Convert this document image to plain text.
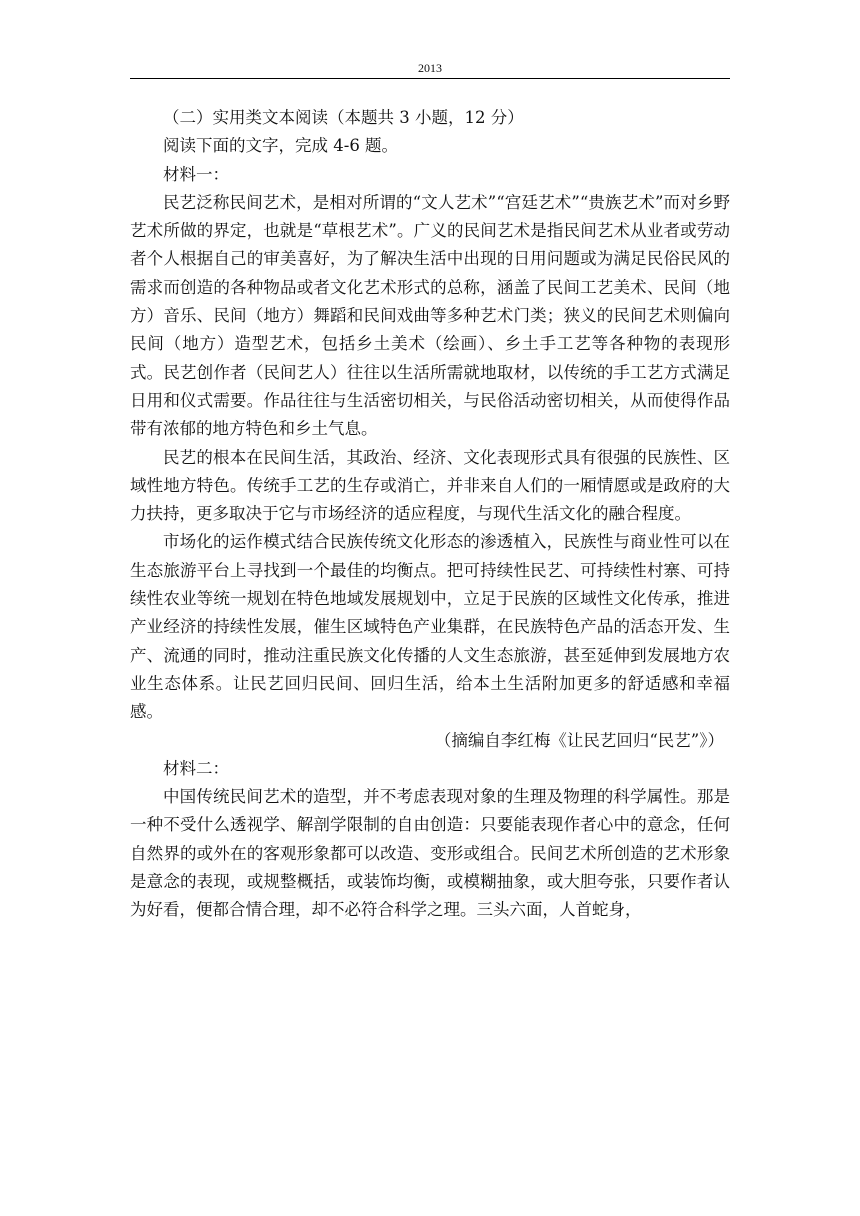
2013

（二）实用类文本阅读（本题共 3 小题，12 分）

阅读下面的文字，完成 4-6 题。

材料一：

民艺泛称民间艺术，是相对所谓的“文人艺术”“宫廷艺术”“贵族艺术”而对乡野艺术所做的界定，也就是“草根艺术”。广义的民间艺术是指民间艺术从业者或劳动者个人根据自己的审美喜好，为了解决生活中出现的日用问题或为满足民俗民风的需求而创造的各种物品或者文化艺术形式的总称，涵盖了民间工艺美术、民间（地方）音乐、民间（地方）舞蹈和民间戏曲等多种艺术门类；狭义的民间艺术则偏向民间（地方）造型艺术，包括乡土美术（绘画）、乡土手工艺等各种物的表现形式。民艺创作者（民间艺人）往往以生活所需就地取材，以传统的手工艺方式满足日用和仪式需要。作品往往与生活密切相关，与民俗活动密切相关，从而使得作品带有浓郁的地方特色和乡土气息。

民艺的根本在民间生活，其政治、经济、文化表现形式具有很强的民族性、区域性地方特色。传统手工艺的生存或消亡，并非来自人们的一厢情愿或是政府的大力扶持，更多取决于它与市场经济的适应程度，与现代生活文化的融合程度。

市场化的运作模式结合民族传统文化形态的渗透植入，民族性与商业性可以在生态旅游平台上寻找到一个最佳的均衡点。把可持续性民艺、可持续性村寨、可持续性农业等统一规划在特色地域发展规划中，立足于民族的区域性文化传承，推进产业经济的持续性发展，催生区域特色产业集群，在民族特色产品的活态开发、生产、流通的同时，推动注重民族文化传播的人文生态旅游，甚至延伸到发展地方农业生态体系。让民艺回归民间、回归生活，给本土生活附加更多的舒适感和幸福感。

（摘编自李红梅《让民艺回归“民艺”》）

材料二：

中国传统民间艺术的造型，并不考虑表现对象的生理及物理的科学属性。那是一种不受什么透视学、解剖学限制的自由创造：只要能表现作者心中的意念，任何自然界的或外在的客观形象都可以改造、变形或组合。民间艺术所创造的艺术形象是意念的表现，或规整概括，或装饰均衡，或模糊抽象，或大胆夸张，只要作者认为好看，便都合情合理，却不必符合科学之理。三头六面，人首蛇身，
